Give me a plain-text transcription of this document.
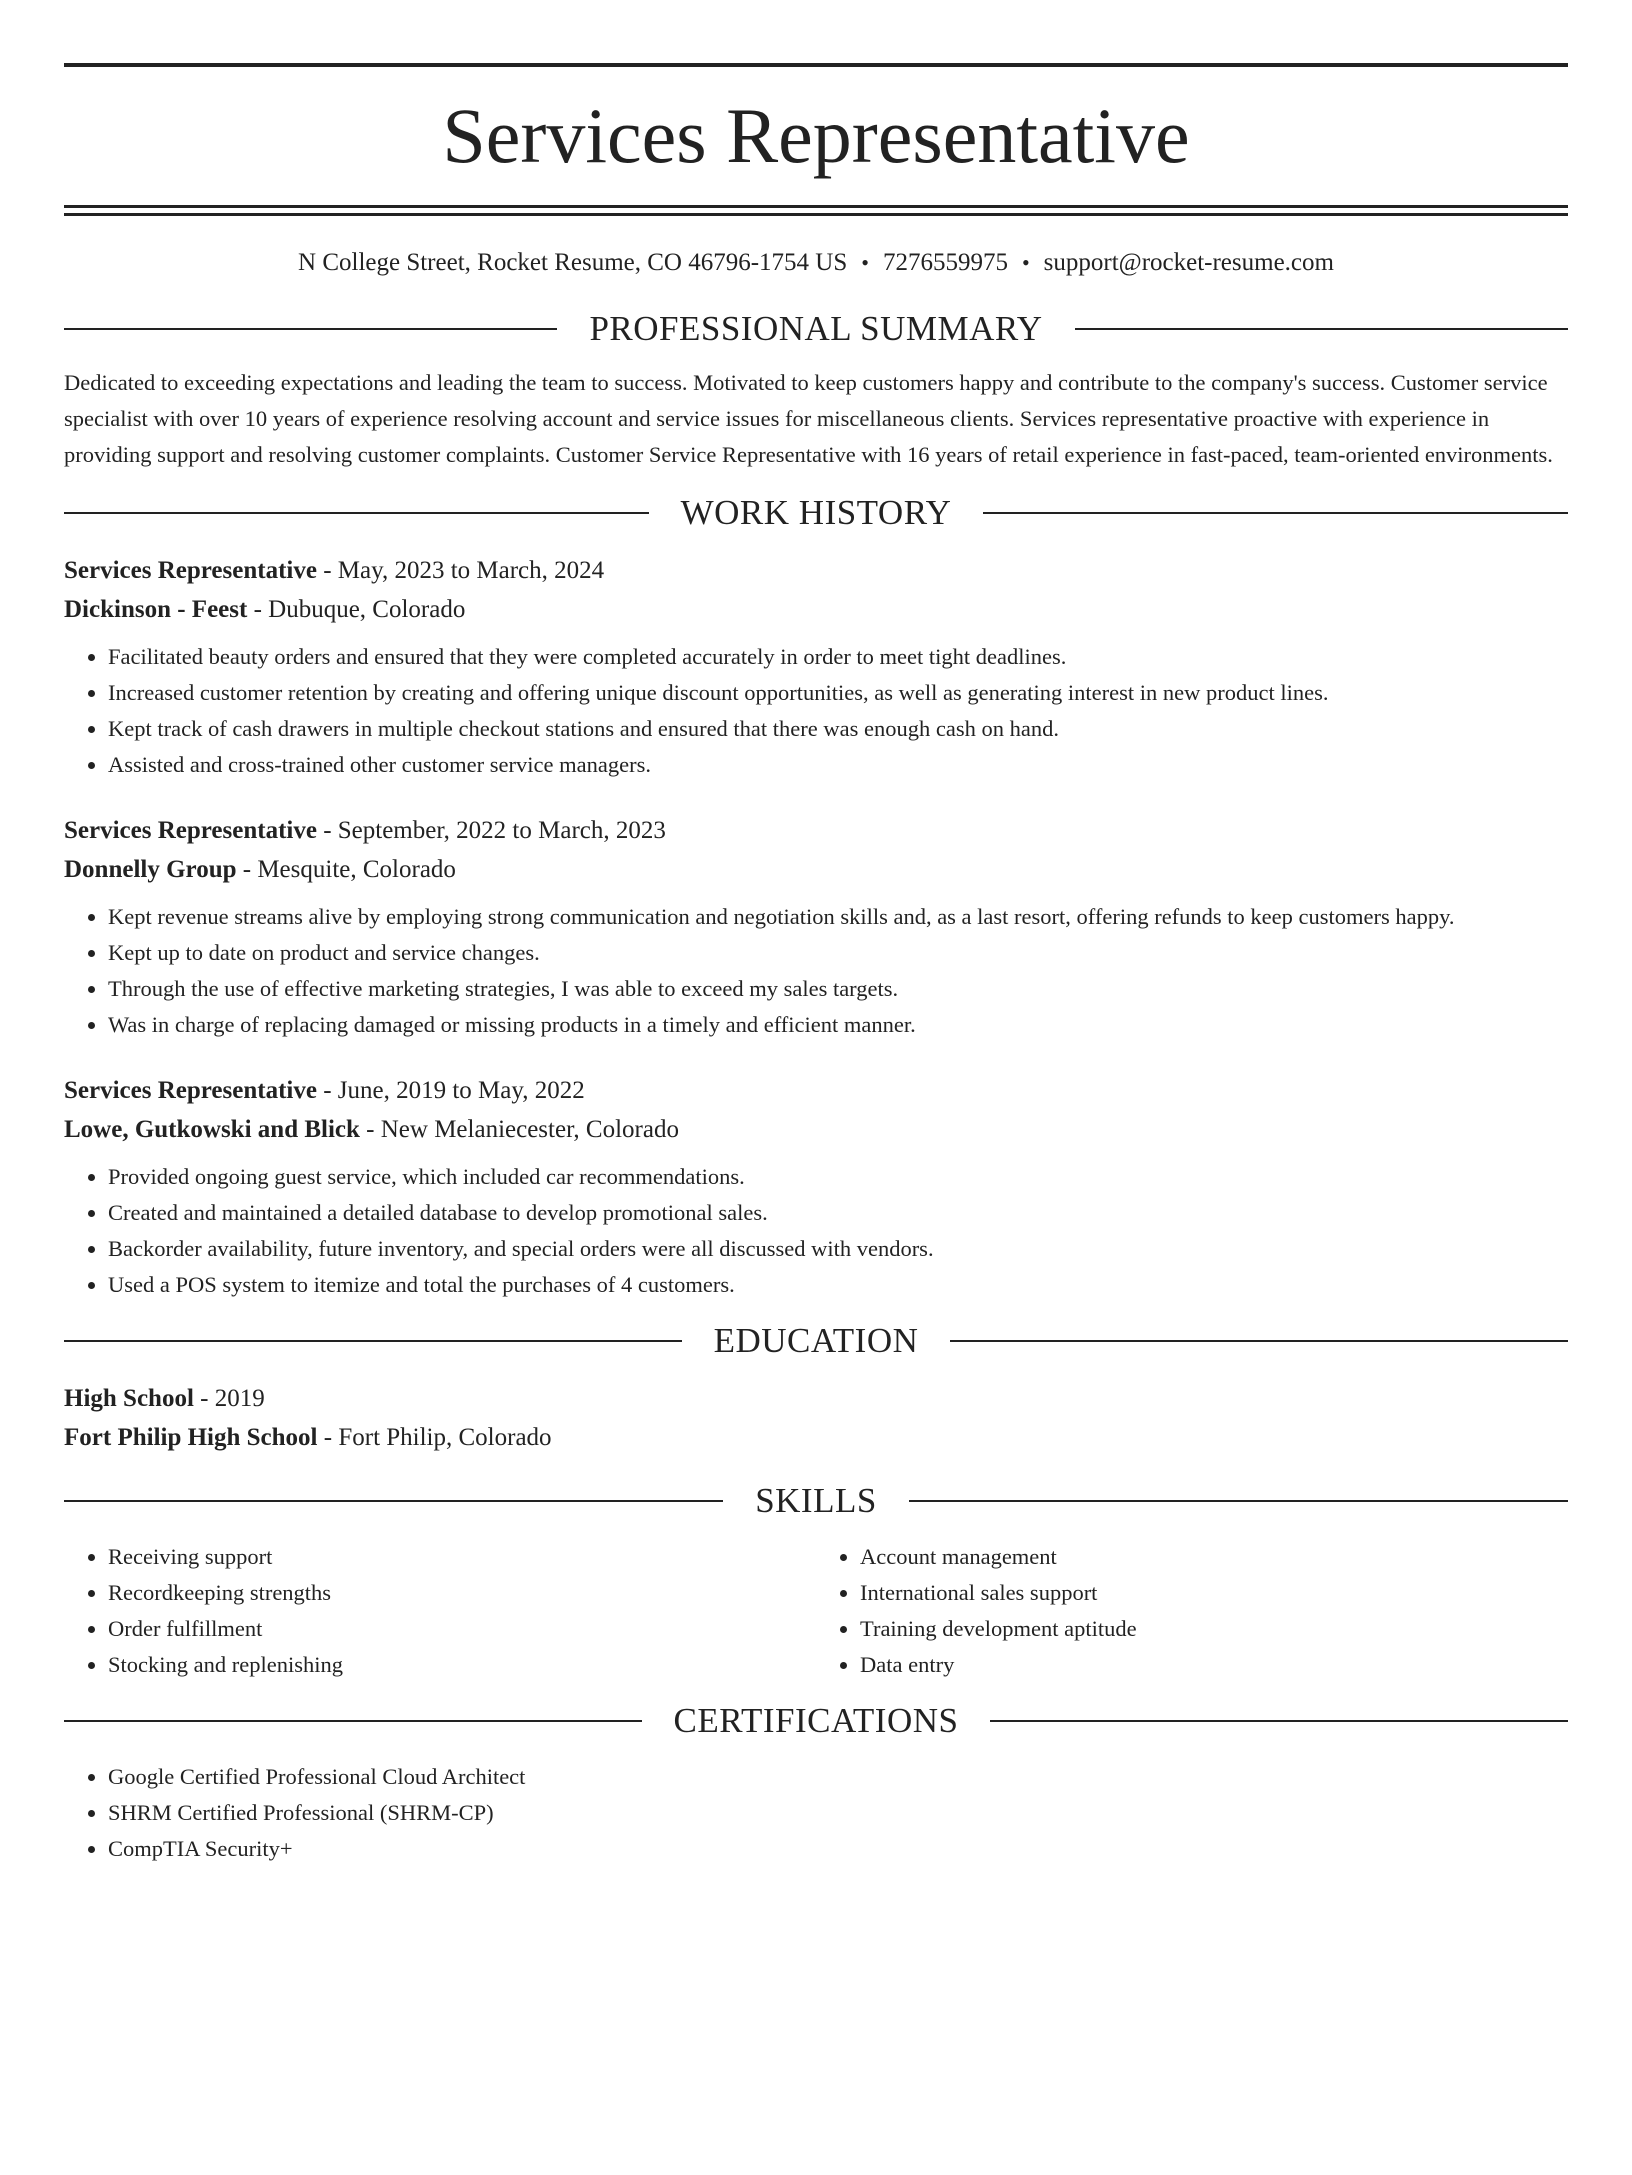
Services Representative
N College Street, Rocket Resume, CO 46796-1754 US • 7276559975 • support@rocket-resume.com
PROFESSIONAL SUMMARY
Dedicated to exceeding expectations and leading the team to success. Motivated to keep customers happy and contribute to the company's success. Customer service specialist with over 10 years of experience resolving account and service issues for miscellaneous clients. Services representative proactive with experience in providing support and resolving customer complaints. Customer Service Representative with 16 years of retail experience in fast-paced, team-oriented environments.
WORK HISTORY
Services Representative - May, 2023 to March, 2024
Dickinson - Feest - Dubuque, Colorado
• Facilitated beauty orders and ensured that they were completed accurately in order to meet tight deadlines.
• Increased customer retention by creating and offering unique discount opportunities, as well as generating interest in new product lines.
• Kept track of cash drawers in multiple checkout stations and ensured that there was enough cash on hand.
• Assisted and cross-trained other customer service managers.
Services Representative - September, 2022 to March, 2023
Donnelly Group - Mesquite, Colorado
• Kept revenue streams alive by employing strong communication and negotiation skills and, as a last resort, offering refunds to keep customers happy.
• Kept up to date on product and service changes.
• Through the use of effective marketing strategies, I was able to exceed my sales targets.
• Was in charge of replacing damaged or missing products in a timely and efficient manner.
Services Representative - June, 2019 to May, 2022
Lowe, Gutkowski and Blick - New Melaniecester, Colorado
• Provided ongoing guest service, which included car recommendations.
• Created and maintained a detailed database to develop promotional sales.
• Backorder availability, future inventory, and special orders were all discussed with vendors.
• Used a POS system to itemize and total the purchases of 4 customers.
EDUCATION
High School - 2019
Fort Philip High School - Fort Philip, Colorado
SKILLS
• Receiving support
• Recordkeeping strengths
• Order fulfillment
• Stocking and replenishing
• Account management
• International sales support
• Training development aptitude
• Data entry
CERTIFICATIONS
• Google Certified Professional Cloud Architect
• SHRM Certified Professional (SHRM-CP)
• CompTIA Security+
